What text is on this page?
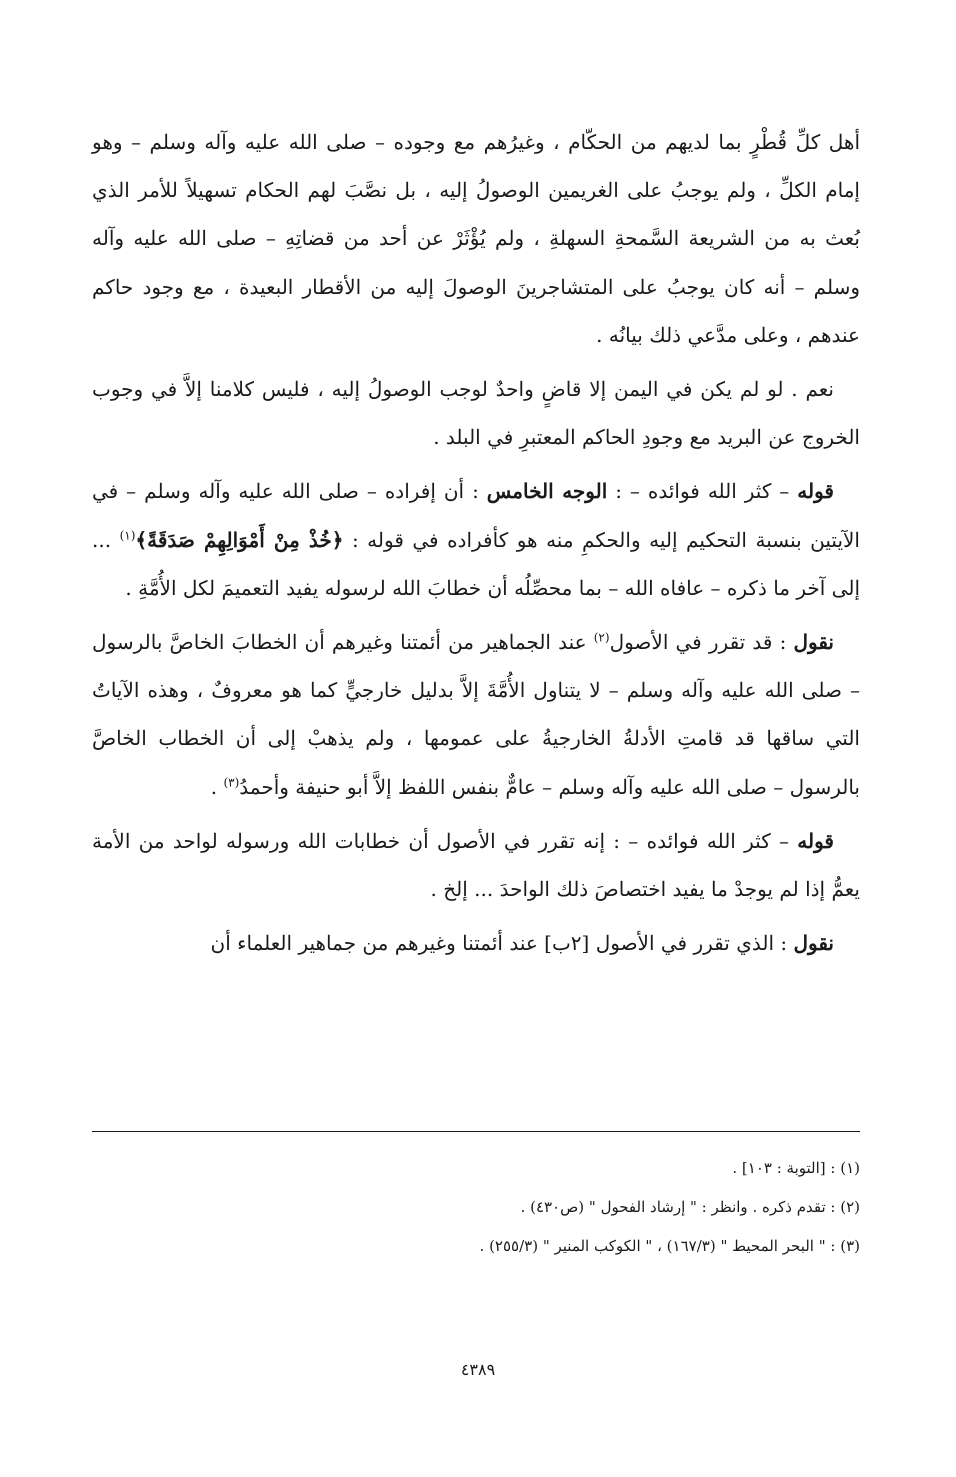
أهل كلِّ قُطْرٍ بما لديهم من الحكّام ، وغيرُهم مع وجوده – صلى الله عليه وآله وسلم – وهو إمام الكلِّ ، ولم يوجبُ على الغريمين الوصولُ إليه ، بل نصَّبَ لهم الحكام تسهيلاً للأمر الذي بُعث به من الشريعة السَّمحةِ السهلةِ ، ولم يُؤْثَرْ عن أحد من قضاتِهِ – صلى الله عليه وآله وسلم – أنه كان يوجبُ على المتشاجرينَ الوصولَ إليه من الأقطار البعيدة ، مع وجود حاكم عندهم ، وعلى مدَّعي ذلك بيانُه .

نعم . لو لم يكن في اليمن إلا قاضٍ واحدٌ لوجب الوصولُ إليه ، فليس كلامنا إلاَّ في وجوب الخروج عن البريد مع وجودِ الحاكم المعتبرِ في البلد .

قوله – كثر الله فوائده – : الوجه الخامس : أن إفراده – صلى الله عليه وآله وسلم – في الآيتين بنسبة التحكيم إليه والحكمِ منه هو كأفراده في قوله : ﴿خُذْ مِنْ أَمْوَالِهِمْ صَدَقَةً﴾$^{(١)}$ ... إلى آخر ما ذكره – عافاه الله – بما محصِّلُه أن خطابَ الله لرسوله يفيد التعميمَ لكل الأُمَّةِ .

نقول : قد تقرر في الأصول$^{(٢)}$ عند الجماهير من أئمتنا وغيرهم أن الخطابَ الخاصَّ بالرسول – صلى الله عليه وآله وسلم – لا يتناول الأُمَّةَ إلاَّ بدليل خارجيٍّ كما هو معروفٌ ، وهذه الآياتُ التي ساقها قد قامتِ الأدلةُ الخارجيةُ على عمومها ، ولم يذهبْ إلى أن الخطاب الخاصَّ بالرسول – صلى الله عليه وآله وسلم – عامٌّ بنفس اللفظ إلاَّ أبو حنيفة وأحمدُ$^{(٣)}$ .

قوله – كثر الله فوائده – : إنه تقرر في الأصول أن خطابات الله ورسوله لواحد من الأمة يعمُّ إذا لم يوجدْ ما يفيد اختصاصَ ذلك الواحدَ ... إلخ .

نقول : الذي تقرر في الأصول [٢ب] عند أئمتنا وغيرهم من جماهير العلماء أن

(١) : [التوبة : ١٠٣] .

(٢) : تقدم ذكره . وانظر : " إرشاد الفحول " (ص٤٣٠) .

(٣) : " البحر المحيط " (١٦٧/٣) ، " الكوكب المنير " (٢٥٥/٣) .

٤٣٨٩
